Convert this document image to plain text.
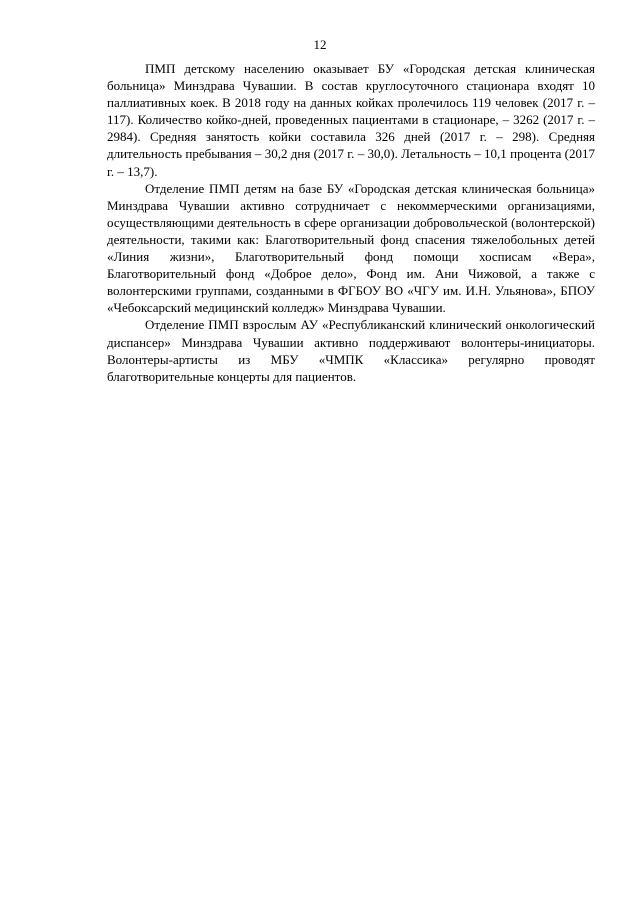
12

ПМП детскому населению оказывает БУ «Городская детская клиническая больница» Минздрава Чувашии. В состав круглосуточного стационара входят 10 паллиативных коек. В 2018 году на данных койках пролечилось 119 человек (2017 г. – 117). Количество койко-дней, проведенных пациентами в стационаре, – 3262 (2017 г. – 2984). Средняя занятость койки составила 326 дней (2017 г. – 298). Средняя длительность пребывания – 30,2 дня (2017 г. – 30,0). Летальность – 10,1 процента (2017 г. – 13,7).

Отделение ПМП детям на базе БУ «Городская детская клиническая больница» Минздрава Чувашии активно сотрудничает с некоммерческими организациями, осуществляющими деятельность в сфере организации добровольческой (волонтерской) деятельности, такими как: Благотворительный фонд спасения тяжелобольных детей «Линия жизни», Благотворительный фонд помощи хосписам «Вера», Благотворительный фонд «Доброе дело», Фонд им. Ани Чижовой, а также с волонтерскими группами, созданными в ФГБОУ ВО «ЧГУ им. И.Н. Ульянова», БПОУ «Чебоксарский медицинский колледж» Минздрава Чувашии.

Отделение ПМП взрослым АУ «Республиканский клинический онкологический диспансер» Минздрава Чувашии активно поддерживают волонтеры-инициаторы. Волонтеры-артисты из МБУ «ЧМПК «Классика» регулярно проводят благотворительные концерты для пациентов.
